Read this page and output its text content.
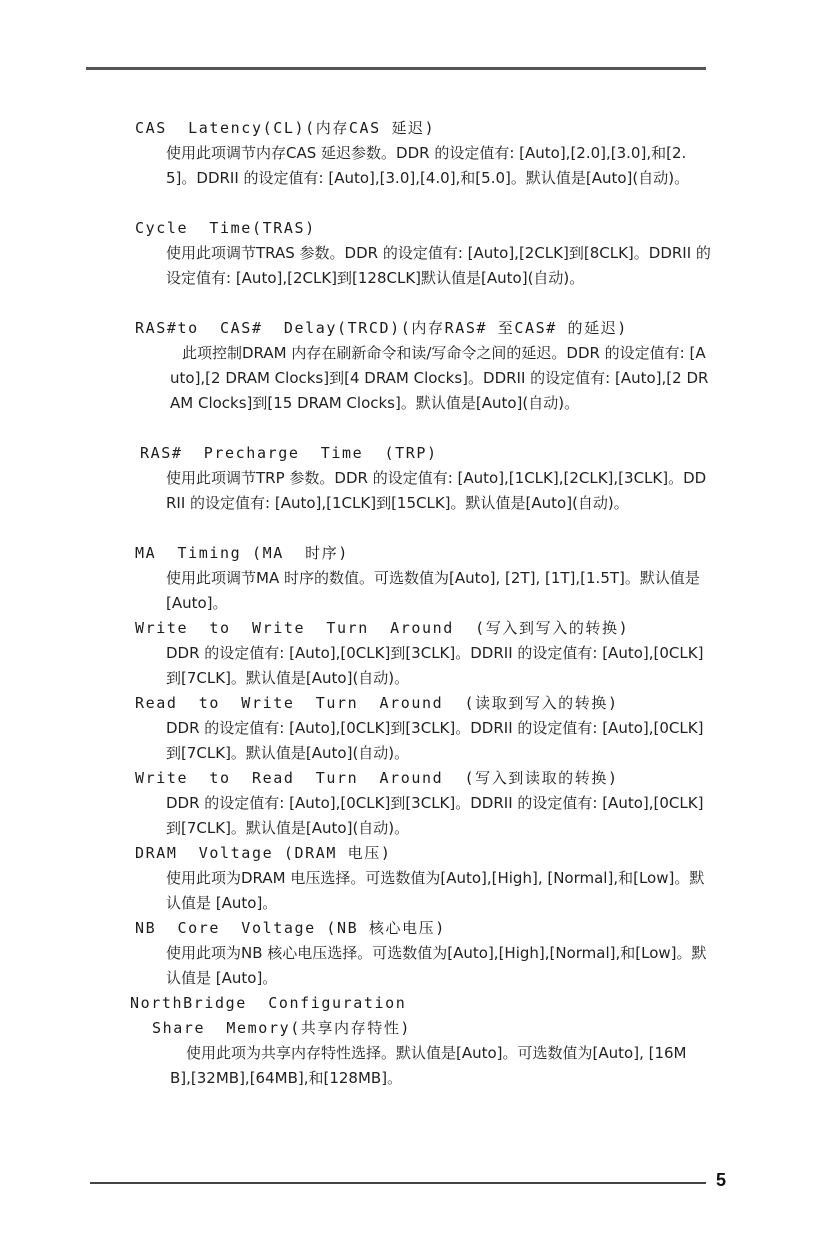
CAS  Latency(CL)(内存CAS 延迟)
使用此项调节内存CAS 延迟参数。DDR 的设定值有: [Auto],[2.0],[3.0],和[2.5]。DDRII 的设定值有: [Auto],[3.0],[4.0],和[5.0]。默认值是[Auto](自动)。
Cycle  Time(TRAS)
使用此项调节TRAS 参数。DDR 的设定值有: [Auto],[2CLK]到[8CLK]。DDRII 的设定值有: [Auto],[2CLK]到[128CLK]默认值是[Auto](自动)。
RAS#to  CAS#  Delay(TRCD)(内存RAS# 至CAS# 的延迟)
此项控制DRAM 内存在刷新命令和读/写命令之间的延迟。DDR 的设定值有: [Auto],[2 DRAM Clocks]到[4 DRAM Clocks]。DDRII 的设定值有: [Auto],[2 DRAM Clocks]到[15 DRAM Clocks]。默认值是[Auto](自动)。
RAS#  Precharge  Time  (TRP)
使用此项调节TRP 参数。DDR 的设定值有: [Auto],[1CLK],[2CLK],[3CLK]。DDRII 的设定值有: [Auto],[1CLK]到[15CLK]。默认值是[Auto](自动)。
MA  Timing (MA  时序)
使用此项调节MA 时序的数值。可选数值为[Auto], [2T], [1T],[1.5T]。默认值是 [Auto]。
Write  to  Write  Turn  Around  (写入到写入的转换)
DDR 的设定值有: [Auto],[0CLK]到[3CLK]。DDRII 的设定值有: [Auto],[0CLK]到[7CLK]。默认值是[Auto](自动)。
Read  to  Write  Turn  Around  (读取到写入的转换)
DDR 的设定值有: [Auto],[0CLK]到[3CLK]。DDRII 的设定值有: [Auto],[0CLK]到[7CLK]。默认值是[Auto](自动)。
Write  to  Read  Turn  Around  (写入到读取的转换)
DDR 的设定值有: [Auto],[0CLK]到[3CLK]。DDRII 的设定值有: [Auto],[0CLK]到[7CLK]。默认值是[Auto](自动)。
DRAM  Voltage (DRAM 电压)
使用此项为DRAM 电压选择。可选数值为[Auto],[High], [Normal],和[Low]。默认值是 [Auto]。
NB  Core  Voltage (NB 核心电压)
使用此项为NB 核心电压选择。可选数值为[Auto],[High],[Normal],和[Low]。默认值是 [Auto]。
NorthBridge  Configuration
Share  Memory(共享内存特性)
使用此项为共享内存特性选择。默认值是[Auto]。可选数值为[Auto], [16MB],[32MB],[64MB],和[128MB]。
5
